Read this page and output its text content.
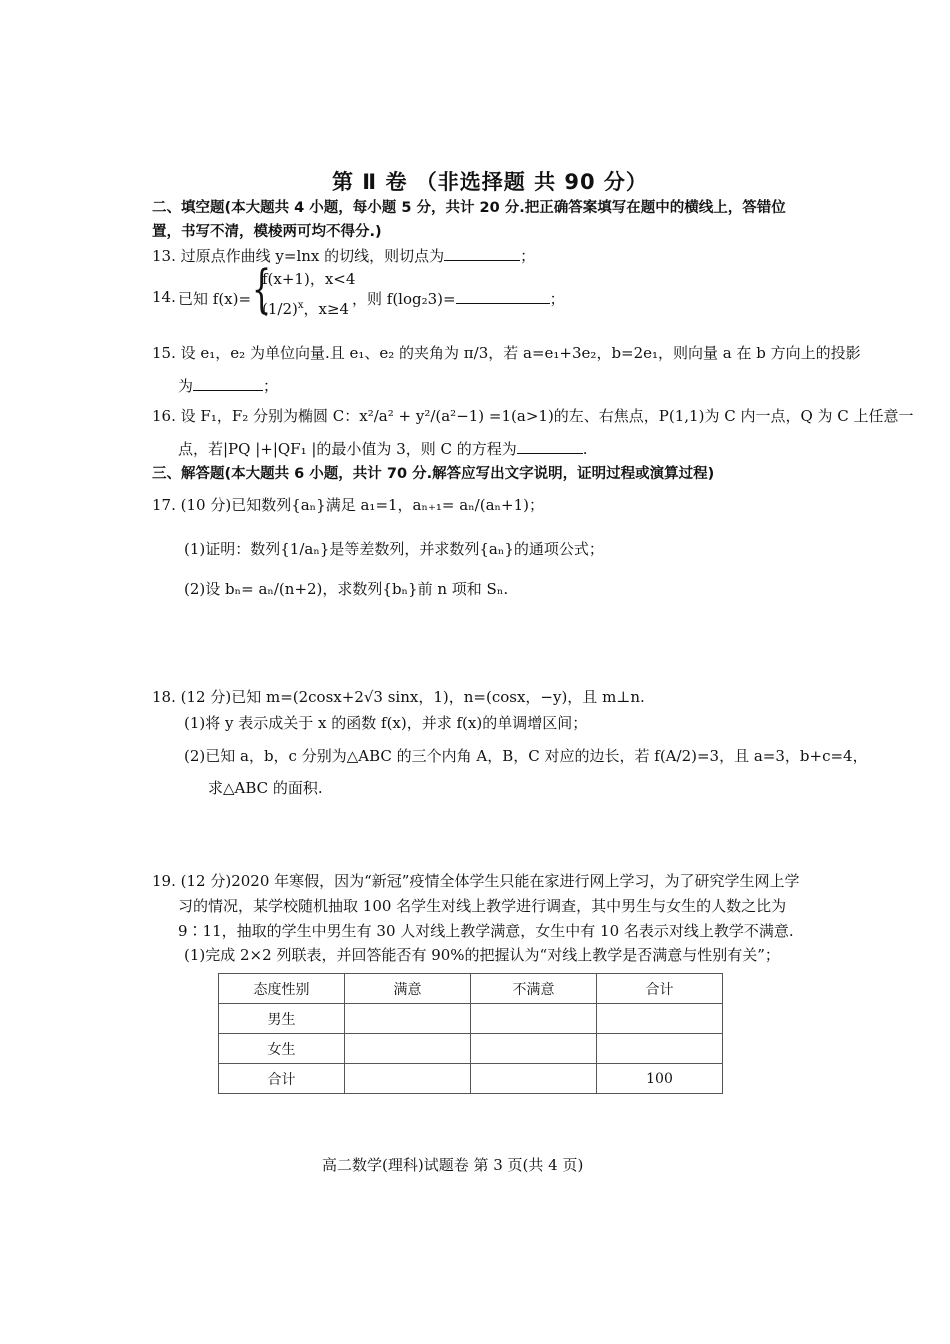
第 Ⅱ 卷 （非选择题 共 90 分）
二、填空题(本大题共 4 小题，每小题 5 分，共计 20 分.把正确答案填写在题中的横线上，答错位
置，书写不清，模棱两可均不得分.)
13. 过原点作曲线 y=lnx 的切线，则切点为	；
14. 已知 f(x)= {
f(x+1)，x<4
$(1/2)^x$，x≥4
，则 f(log₂3)=	；
15. 设 e₁，e₂ 为单位向量.且 e₁、e₂ 的夹角为 π/3，若 a=e₁+3e₂，b=2e₁，则向量 a 在 b 方向上的投影
为	；
16. 设 F₁，F₂ 分别为椭圆 C：x²/a² + y²/(a²−1) =1(a>1)的左、右焦点，P(1,1)为 C 内一点，Q 为 C 上任意一
点，若|PQ |+|QF₁ |的最小值为 3，则 C 的方程为	.
三、解答题(本大题共 6 小题，共计 70 分.解答应写出文字说明，证明过程或演算过程)
17. (10 分)已知数列{aₙ}满足 a₁=1，aₙ₊₁= aₙ/(aₙ+1)；
(1)证明：数列{1/aₙ}是等差数列，并求数列{aₙ}的通项公式；
(2)设 bₙ= aₙ/(n+2)，求数列{bₙ}前 n 项和 Sₙ.
18. (12 分)已知 m=(2cosx+2√3 sinx，1)，n=(cosx，−y)，且 m⊥n.
(1)将 y 表示成关于 x 的函数 f(x)，并求 f(x)的单调增区间；
(2)已知 a，b，c 分别为△ABC 的三个内角 A，B，C 对应的边长，若 f(A/2)=3，且 a=3，b+c=4，
求△ABC 的面积.
19. (12 分)2020 年寒假，因为“新冠”疫情全体学生只能在家进行网上学习，为了研究学生网上学
习的情况，某学校随机抽取 100 名学生对线上教学进行调查，其中男生与女生的人数之比为
9∶11，抽取的学生中男生有 30 人对线上教学满意，女生中有 10 名表示对线上教学不满意.
(1)完成 2×2 列联表，并回答能否有 90%的把握认为“对线上教学是否满意与性别有关”；
态度性别	满意	不满意	合计
男生			
女生			
合计			100
高二数学(理科)试题卷 第 3 页(共 4 页)
